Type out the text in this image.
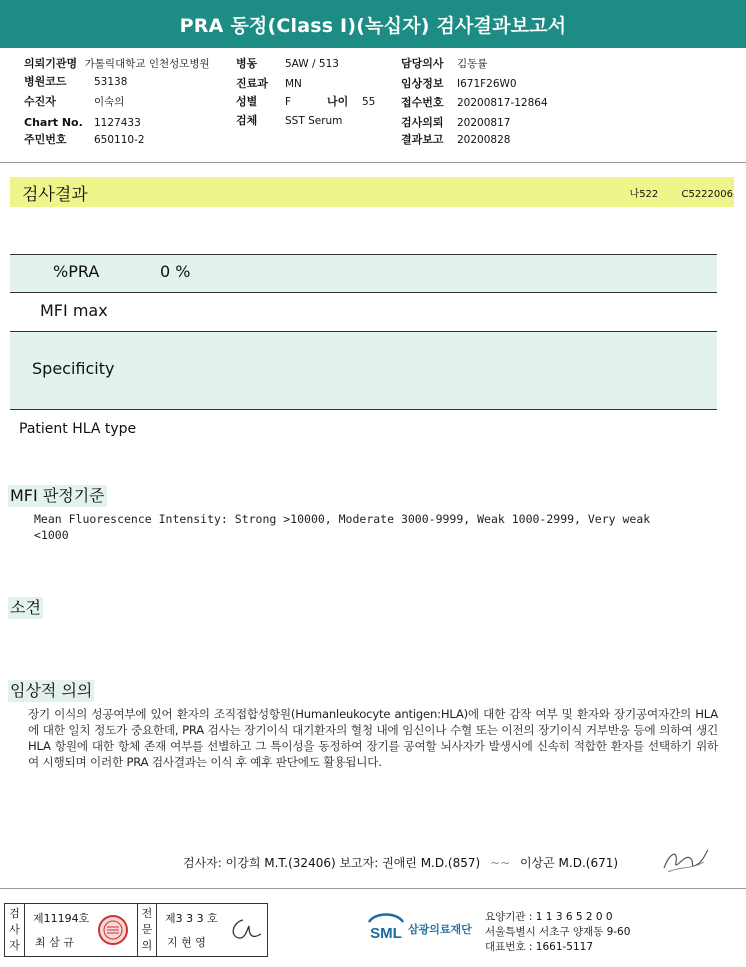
PRA 동정(Class I)(녹십자) 검사결과보고서
의뢰기관명 가톨릭대학교 인천성모병원
병원코드	53138
수진자	이숙의
Chart No. 1127433
주민번호	650110-2
병동	5AW / 513
진료과 MN
성별	F	나이 55
검체	SST Serum
담당의사 김동률
임상정보 I671F26W0
접수번호 20200817-12864
검사의뢰 20200817
결과보고 20200828
검사결과	나522 C5222006
%PRA	0 %
MFI max
Specificity
Patient HLA type
MFI 판정기준
Mean Fluorescence Intensity: Strong >10000, Moderate 3000-9999, Weak 1000-2999, Very weak
<1000
소견
임상적 의의
장기 이식의 성공여부에 있어 환자의 조직접합성항원(Humanleukocyte antigen:HLA)에 대한 감작 여부 및 환자와 장기공여자간의 HLA에 대한 일치 정도가 중요한데, PRA 검사는 장기이식 대기환자의 혈청 내에 임신이나 수혈 또는 이전의 장기이식 거부반응 등에 의하여 생긴 HLA 항원에 대한 항체 존재 여부를 선별하고 그 특이성을 동정하여 장기를 공여할 뇌사자가 발생시에 신속히 적합한 환자를 선택하기 위하여 시행되며 이러한 PRA 검사결과는 이식 후 예후 판단에도 활용됩니다.
검사자: 이강희 M.T.(32406) 보고자: 권애린 M.D.(857) ~~ 이상곤 M.D.(671)
검
사
자
제11194호
최 삼 규
전
문
의
제3 3 3 호
지 현 영
SML 삼광의료재단
요양기관 : 1 1 3 6 5 2 0 0
서울특별시 서초구 양재동 9-60
대표번호 : 1661-5117
